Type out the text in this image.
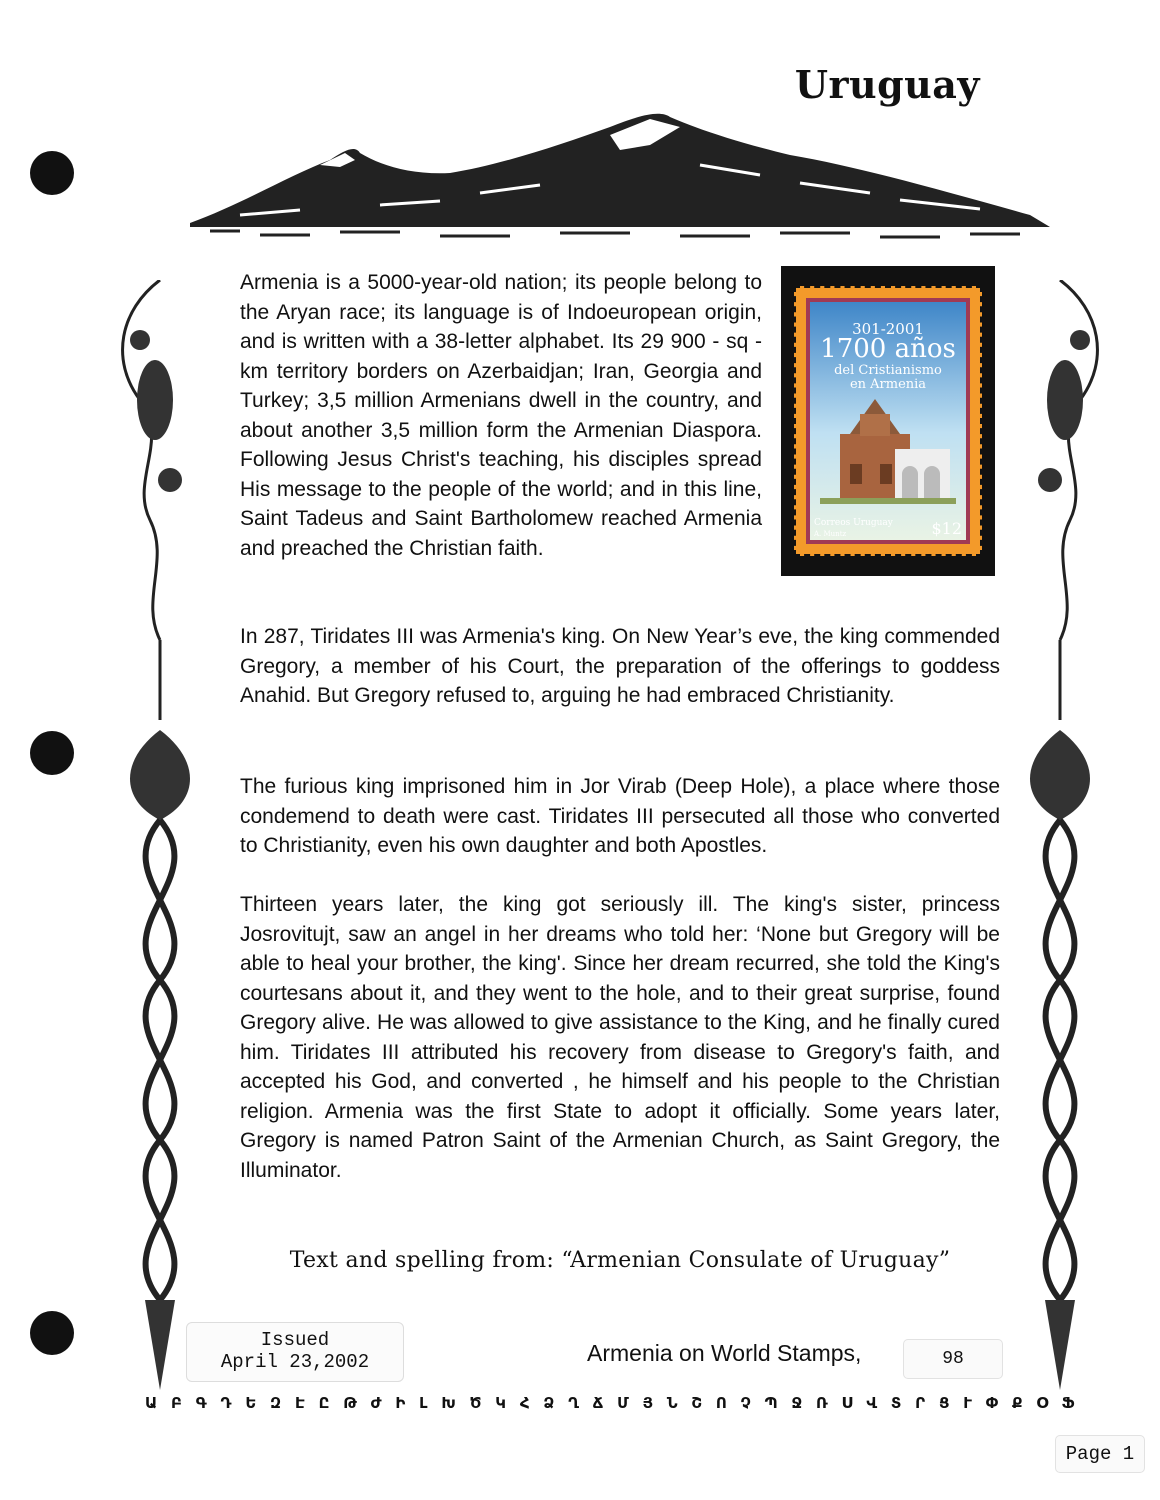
Uruguay
Armenia is a 5000-year-old nation; its people belong to the Aryan race; its language is of Indoeuropean origin, and is written with a 38-letter alphabet. Its 29 900 - sq - km territory borders on Azerbaidjan; Iran, Georgia and Turkey; 3,5 million Armenians dwell in the country, and about another 3,5 million form the Armenian Diaspora. Following Jesus Christ's teaching, his disciples spread His message to the people of the world; and in this line, Saint Tadeus and Saint Bartholomew reached Armenia and preached the Christian faith.
In 287, Tiridates III was Armenia's king. On New Year’s eve, the king commended Gregory, a member of his Court, the preparation of the offerings to goddess Anahid. But Gregory refused to, arguing he had embraced Christianity.
The furious king imprisoned him in Jor Virab (Deep Hole), a place where those condemend to death were cast. Tiridates III persecuted all those who converted to Christianity, even his own daughter and both Apostles.
Thirteen years later, the king got seriously ill. The king's sister, princess Josrovitujt, saw an angel in her dreams who told her: ‘None but Gregory will be able to heal your brother, the king'. Since her dream recurred, she told the King's courtesans about it, and they went to the hole, and to their great surprise, found Gregory alive. He was allowed to give assistance to the King, and he finally cured him. Tiridates III attributed his recovery from disease to Gregory's faith, and accepted his God, and converted , he himself and his people to the Christian religion. Armenia was the first State to adopt it officially. Some years later, Gregory is named Patron Saint of the Armenian Church, as Saint Gregory, the Illuminator.
301-2001
1700 años
del Cristianismo
en Armenia
Correos Uruguay
A. Muntz	$12
Text and spelling from: “Armenian Consulate of Uruguay”
Issued
April 23,2002	Armenia on World Stamps,	98
Ա Բ Գ Դ Ե Զ Է Ը Թ Ժ Ի Լ Խ Ծ Կ Հ Ձ Ղ Ճ Մ Յ Ն Շ Ո Չ Պ Ջ Ռ Ս Վ Տ Ր Ց Ւ Փ Ք Օ Ֆ
Page 1
